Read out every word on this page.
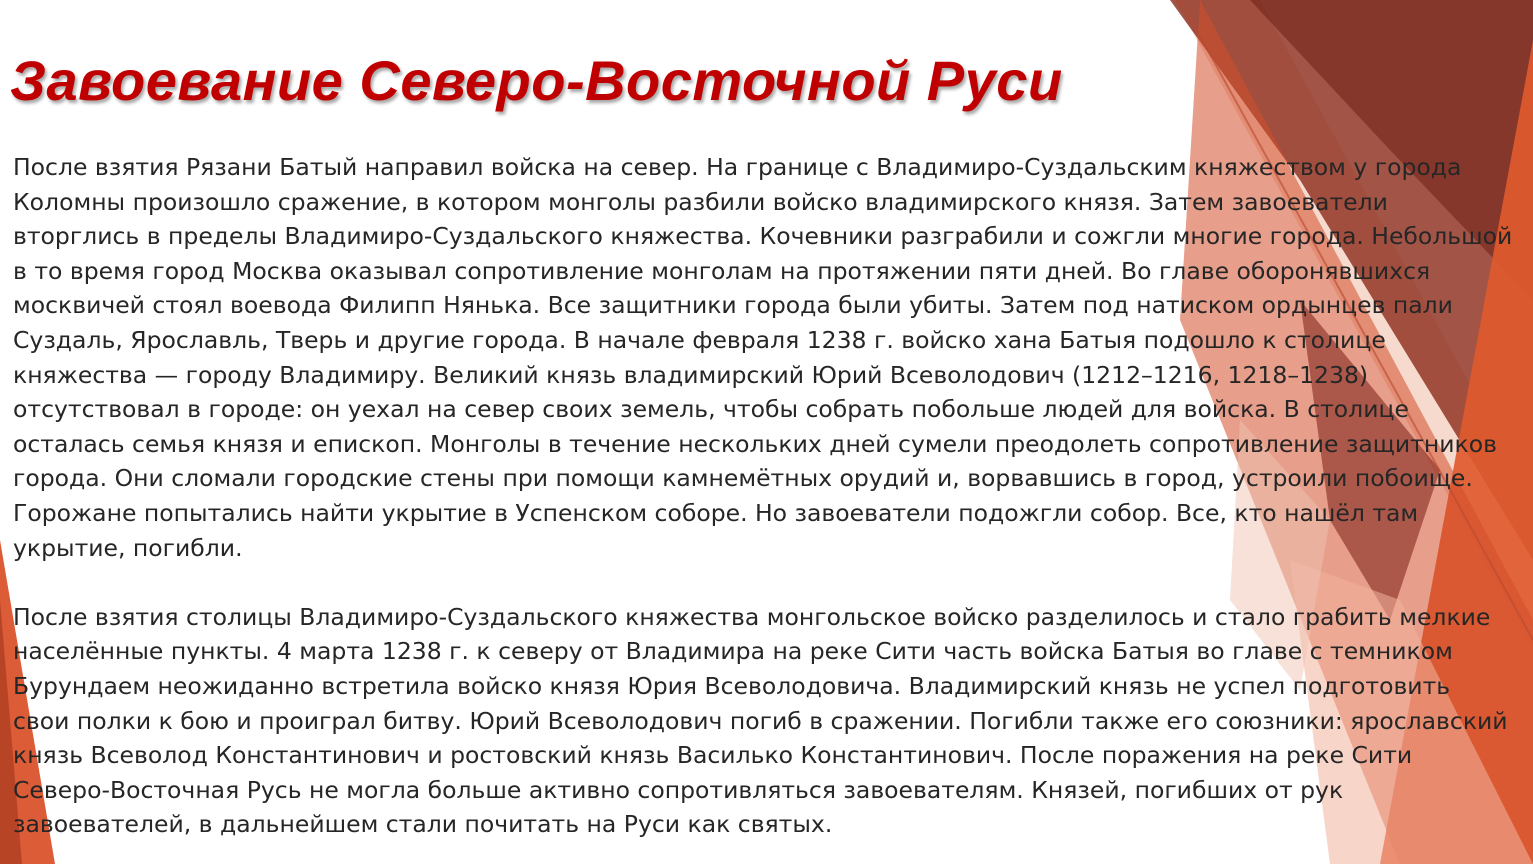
Завоевание Северо-Восточной Руси

После взятия Рязани Батый направил войска на север. На границе с Владимиро-Суздальским княжеством у города Коломны произошло сражение, в котором монголы разбили войско владимирского князя. Затем завоеватели вторглись в пределы Владимиро-Суздальского княжества. Кочевники разграбили и сожгли многие города. Небольшой в то время город Москва оказывал сопротивление монголам на протяжении пяти дней. Во главе оборонявшихся москвичей стоял воевода Филипп Нянька. Все защитники города были убиты. Затем под натиском ордынцев пали Суздаль, Ярославль, Тверь и другие города. В начале февраля 1238 г. войско хана Батыя подошло к столице княжества — городу Владимиру. Великий князь владимирский Юрий Всеволодович (1212–1216, 1218–1238) отсутствовал в городе: он уехал на север своих земель, чтобы собрать побольше людей для войска. В столице осталась семья князя и епископ. Монголы в течение нескольких дней сумели преодолеть сопротивление защитников города. Они сломали городские стены при помощи камнемётных орудий и, ворвавшись в город, устроили побоище. Горожане попытались найти укрытие в Успенском соборе. Но завоеватели подожгли собор. Все, кто нашёл там укрытие, погибли.

После взятия столицы Владимиро-Суздальского княжества монгольское войско разделилось и стало грабить мелкие населённые пункты. 4 марта 1238 г. к северу от Владимира на реке Сити часть войска Батыя во главе с темником Бурундаем неожиданно встретила войско князя Юрия Всеволодовича. Владимирский князь не успел подготовить свои полки к бою и проиграл битву. Юрий Всеволодович погиб в сражении. Погибли также его союзники: ярославский князь Всеволод Константинович и ростовский князь Василько Константинович. После поражения на реке Сити Северо-Восточная Русь не могла больше активно сопротивляться завоевателям. Князей, погибших от рук завоевателей, в дальнейшем стали почитать на Руси как святых.
